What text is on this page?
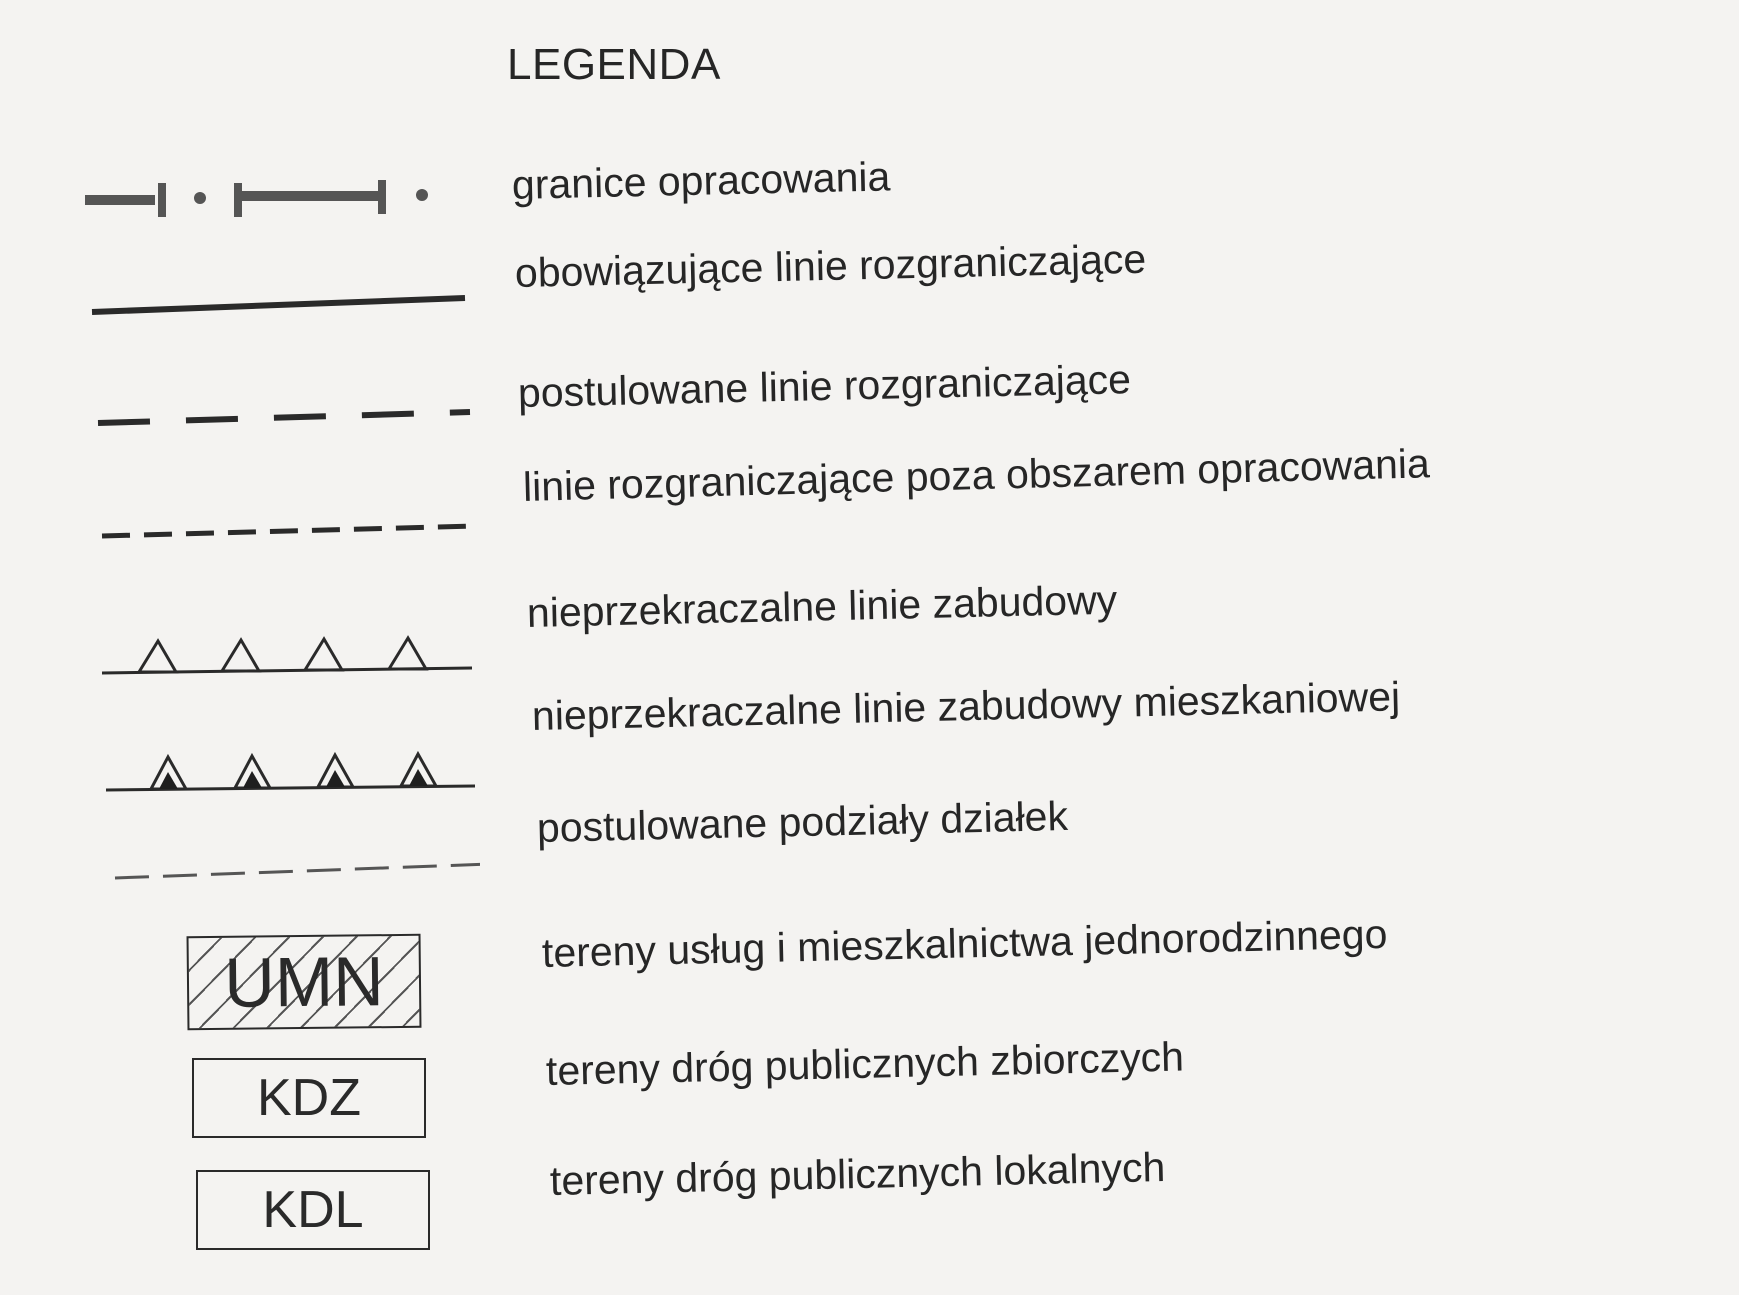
LEGENDA
granice opracowania
obowiązujące linie rozgraniczające
postulowane linie rozgraniczające
linie rozgraniczające poza obszarem opracowania
nieprzekraczalne linie zabudowy
nieprzekraczalne linie zabudowy mieszkaniowej
postulowane podziały działek
UMN	tereny usług i mieszkalnictwa jednorodzinnego
KDZ
tereny dróg publicznych zbiorczych
KDL
tereny dróg publicznych lokalnych
